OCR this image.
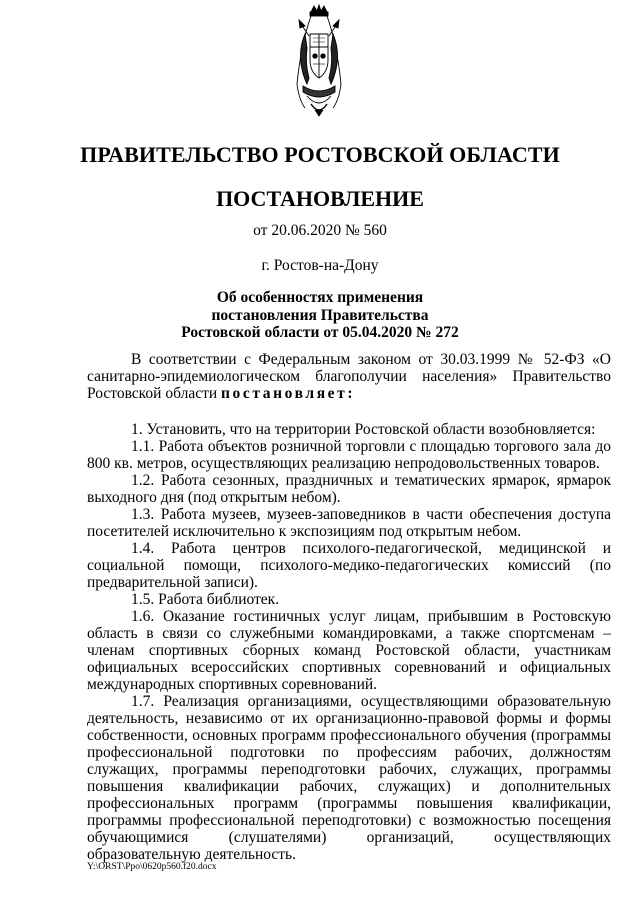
ПРАВИТЕЛЬСТВО РОСТОВСКОЙ ОБЛАСТИ
ПОСТАНОВЛЕНИЕ
от 20.06.2020 № 560
г. Ростов-на-Дону
Об особенностях применения
постановления Правительства
Ростовской области от 05.04.2020 № 272

В соответствии с Федеральным законом от 30.03.1999 № 52-ФЗ «О санитарно-эпидемиологическом благополучии населения» Правительство Ростовской области постановляет:

1. Установить, что на территории Ростовской области возобновляется:

1.1. Работа объектов розничной торговли с площадью торгового зала до 800 кв. метров, осуществляющих реализацию непродовольственных товаров.

1.2. Работа сезонных, праздничных и тематических ярмарок, ярмарок выходного дня (под открытым небом).

1.3. Работа музеев, музеев-заповедников в части обеспечения доступа посетителей исключительно к экспозициям под открытым небом.

1.4. Работа центров психолого-педагогической, медицинской и социальной помощи, психолого-медико-педагогических комиссий (по предварительной записи).

1.5. Работа библиотек.

1.6. Оказание гостиничных услуг лицам, прибывшим в Ростовскую область в связи со служебными командировками, а также спортсменам – членам спортивных сборных команд Ростовской области, участникам официальных всероссийских спортивных соревнований и официальных международных спортивных соревнований.

1.7. Реализация организациями, осуществляющими образовательную деятельность, независимо от их организационно-правовой формы и формы собственности, основных программ профессионального обучения (программы профессиональной подготовки по профессиям рабочих, должностям служащих, программы переподготовки рабочих, служащих, программы повышения квалификации рабочих, служащих) и дополнительных профессиональных программ (программы повышения квалификации, программы профессиональной переподготовки) с возможностью посещения обучающимися (слушателями) организаций, осуществляющих образовательную деятельность.

Y:\ORST\Ppo\0620p560.f20.docx
